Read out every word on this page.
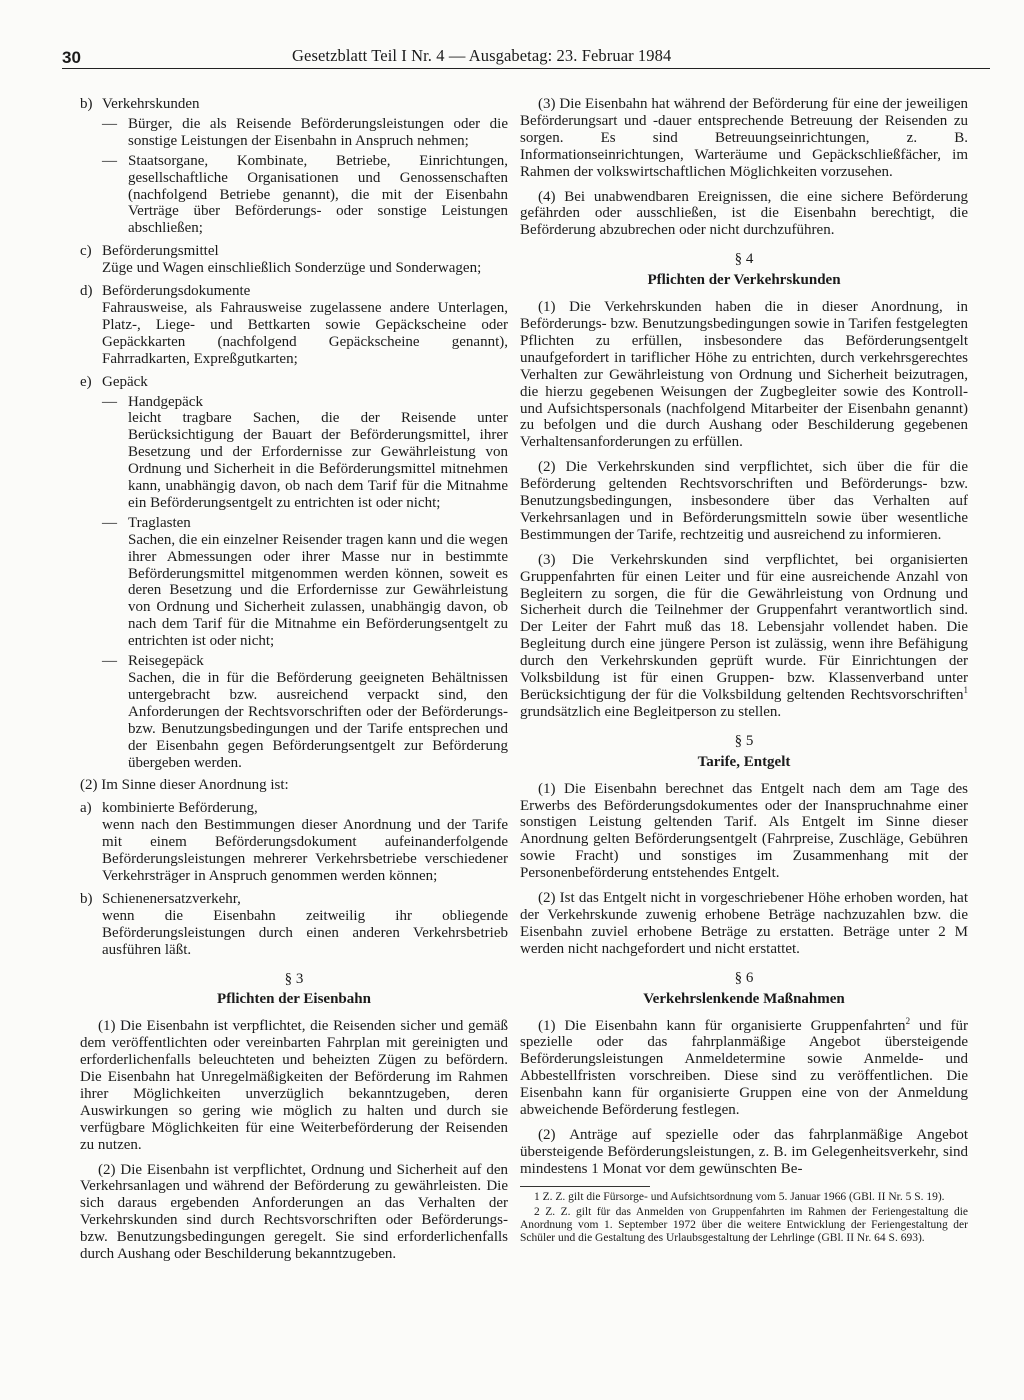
30	Gesetzblatt Teil I Nr. 4 — Ausgabetag: 23. Februar 1984
b) Verkehrskunden
— Bürger, die als Reisende Beförderungsleistungen oder die sonstige Leistungen der Eisenbahn in Anspruch nehmen;
— Staatsorgane, Kombinate, Betriebe, Einrichtungen, gesellschaftliche Organisationen und Genossenschaften (nachfolgend Betriebe genannt), die mit der Eisenbahn Verträge über Beförderungs- oder sonstige Leistungen abschließen;
c) Beförderungsmittel
Züge und Wagen einschließlich Sonderzüge und Sonderwagen;
d) Beförderungsdokumente
Fahrausweise, als Fahrausweise zugelassene andere Unterlagen, Platz-, Liege- und Bettkarten sowie Gepäckscheine oder Gepäckkarten (nachfolgend Gepäckscheine genannt), Fahrradkarten, Expreßgutkarten;
e) Gepäck
— Handgepäck
leicht tragbare Sachen, die der Reisende unter Berücksichtigung der Bauart der Beförderungsmittel, ihrer Besetzung und der Erfordernisse zur Gewährleistung von Ordnung und Sicherheit in die Beförderungsmittel mitnehmen kann, unabhängig davon, ob nach dem Tarif für die Mitnahme ein Beförderungsentgelt zu entrichten ist oder nicht;
— Traglasten
Sachen, die ein einzelner Reisender tragen kann und die wegen ihrer Abmessungen oder ihrer Masse nur in bestimmte Beförderungsmittel mitgenommen werden können, soweit es deren Besetzung und die Erfordernisse zur Gewährleistung von Ordnung und Sicherheit zulassen, unabhängig davon, ob nach dem Tarif für die Mitnahme ein Beförderungsentgelt zu entrichten ist oder nicht;
— Reisegepäck
Sachen, die in für die Beförderung geeigneten Behältnissen untergebracht bzw. ausreichend verpackt sind, den Anforderungen der Rechtsvorschriften oder der Beförderungs- bzw. Benutzungsbedingungen und der Tarife entsprechen und der Eisenbahn gegen Beförderungsentgelt zur Beförderung übergeben werden.

(2) Im Sinne dieser Anordnung ist:

a) kombinierte Beförderung,
wenn nach den Bestimmungen dieser Anordnung und der Tarife mit einem Beförderungsdokument aufeinanderfolgende Beförderungsleistungen mehrerer Verkehrsbetriebe verschiedener Verkehrsträger in Anspruch genommen werden können;
b) Schienenersatzverkehr,
wenn die Eisenbahn zeitweilig ihr obliegende Beförderungsleistungen durch einen anderen Verkehrsbetrieb ausführen läßt.
§ 3
Pflichten der Eisenbahn

(1) Die Eisenbahn ist verpflichtet, die Reisenden sicher und gemäß dem veröffentlichten oder vereinbarten Fahrplan mit gereinigten und erforderlichenfalls beleuchteten und beheizten Zügen zu befördern. Die Eisenbahn hat Unregelmäßigkeiten der Beförderung im Rahmen ihrer Möglichkeiten unverzüglich bekanntzugeben, deren Auswirkungen so gering wie möglich zu halten und durch sie verfügbare Möglichkeiten für eine Weiterbeförderung der Reisenden zu nutzen.

(2) Die Eisenbahn ist verpflichtet, Ordnung und Sicherheit auf den Verkehrsanlagen und während der Beförderung zu gewährleisten. Die sich daraus ergebenden Anforderungen an das Verhalten der Verkehrskunden sind durch Rechtsvorschriften oder Beförderungs- bzw. Benutzungsbedingungen geregelt. Sie sind erforderlichenfalls durch Aushang oder Beschilderung bekanntzugeben.

(3) Die Eisenbahn hat während der Beförderung für eine der jeweiligen Beförderungsart und -dauer entsprechende Betreuung der Reisenden zu sorgen. Es sind Betreuungseinrichtungen, z. B. Informationseinrichtungen, Warteräume und Gepäckschließfächer, im Rahmen der volkswirtschaftlichen Möglichkeiten vorzusehen.

(4) Bei unabwendbaren Ereignissen, die eine sichere Beförderung gefährden oder ausschließen, ist die Eisenbahn berechtigt, die Beförderung abzubrechen oder nicht durchzuführen.

§ 4
Pflichten der Verkehrskunden

(1) Die Verkehrskunden haben die in dieser Anordnung, in Beförderungs- bzw. Benutzungsbedingungen sowie in Tarifen festgelegten Pflichten zu erfüllen, insbesondere das Beförderungsentgelt unaufgefordert in tariflicher Höhe zu entrichten, durch verkehrsgerechtes Verhalten zur Gewährleistung von Ordnung und Sicherheit beizutragen, die hierzu gegebenen Weisungen der Zugbegleiter sowie des Kontroll- und Aufsichtspersonals (nachfolgend Mitarbeiter der Eisenbahn genannt) zu befolgen und die durch Aushang oder Beschilderung gegebenen Verhaltensanforderungen zu erfüllen.

(2) Die Verkehrskunden sind verpflichtet, sich über die für die Beförderung geltenden Rechtsvorschriften und Beförderungs- bzw. Benutzungsbedingungen, insbesondere über das Verhalten auf Verkehrsanlagen und in Beförderungsmitteln sowie über wesentliche Bestimmungen der Tarife, rechtzeitig und ausreichend zu informieren.

(3) Die Verkehrskunden sind verpflichtet, bei organisierten Gruppenfahrten für einen Leiter und für eine ausreichende Anzahl von Begleitern zu sorgen, die für die Gewährleistung von Ordnung und Sicherheit durch die Teilnehmer der Gruppenfahrt verantwortlich sind. Der Leiter der Fahrt muß das 18. Lebensjahr vollendet haben. Die Begleitung durch eine jüngere Person ist zulässig, wenn ihre Befähigung durch den Verkehrskunden geprüft wurde. Für Einrichtungen der Volksbildung ist für einen Gruppen- bzw. Klassenverband unter Berücksichtigung der für die Volksbildung geltenden Rechtsvorschriften$^1$ grundsätzlich eine Begleitperson zu stellen.

§ 5
Tarife, Entgelt

(1) Die Eisenbahn berechnet das Entgelt nach dem am Tage des Erwerbs des Beförderungsdokumentes oder der Inanspruchnahme einer sonstigen Leistung geltenden Tarif. Als Entgelt im Sinne dieser Anordnung gelten Beförderungsentgelt (Fahrpreise, Zuschläge, Gebühren sowie Fracht) und sonstiges im Zusammenhang mit der Personenbeförderung entstehendes Entgelt.

(2) Ist das Entgelt nicht in vorgeschriebener Höhe erhoben worden, hat der Verkehrskunde zuwenig erhobene Beträge nachzuzahlen bzw. die Eisenbahn zuviel erhobene Beträge zu erstatten. Beträge unter 2 M werden nicht nachgefordert und nicht erstattet.

§ 6
Verkehrslenkende Maßnahmen

(1) Die Eisenbahn kann für organisierte Gruppenfahrten$^2$ und für spezielle oder das fahrplanmäßige Angebot übersteigende Beförderungsleistungen Anmeldetermine sowie Anmelde- und Abbestellfristen vorschreiben. Diese sind zu veröffentlichen. Die Eisenbahn kann für organisierte Gruppen eine von der Anmeldung abweichende Beförderung festlegen.

(2) Anträge auf spezielle oder das fahrplanmäßige Angebot übersteigende Beförderungsleistungen, z. B. im Gelegenheitsverkehr, sind mindestens 1 Monat vor dem gewünschten Be-

1 Z. Z. gilt die Fürsorge- und Aufsichtsordnung vom 5. Januar 1966 (GBl. II Nr. 5 S. 19).

2 Z. Z. gilt für das Anmelden von Gruppenfahrten im Rahmen der Feriengestaltung die Anordnung vom 1. September 1972 über die weitere Entwicklung der Feriengestaltung der Schüler und die Gestaltung des Urlaubsgestaltung der Lehrlinge (GBl. II Nr. 64 S. 693).
